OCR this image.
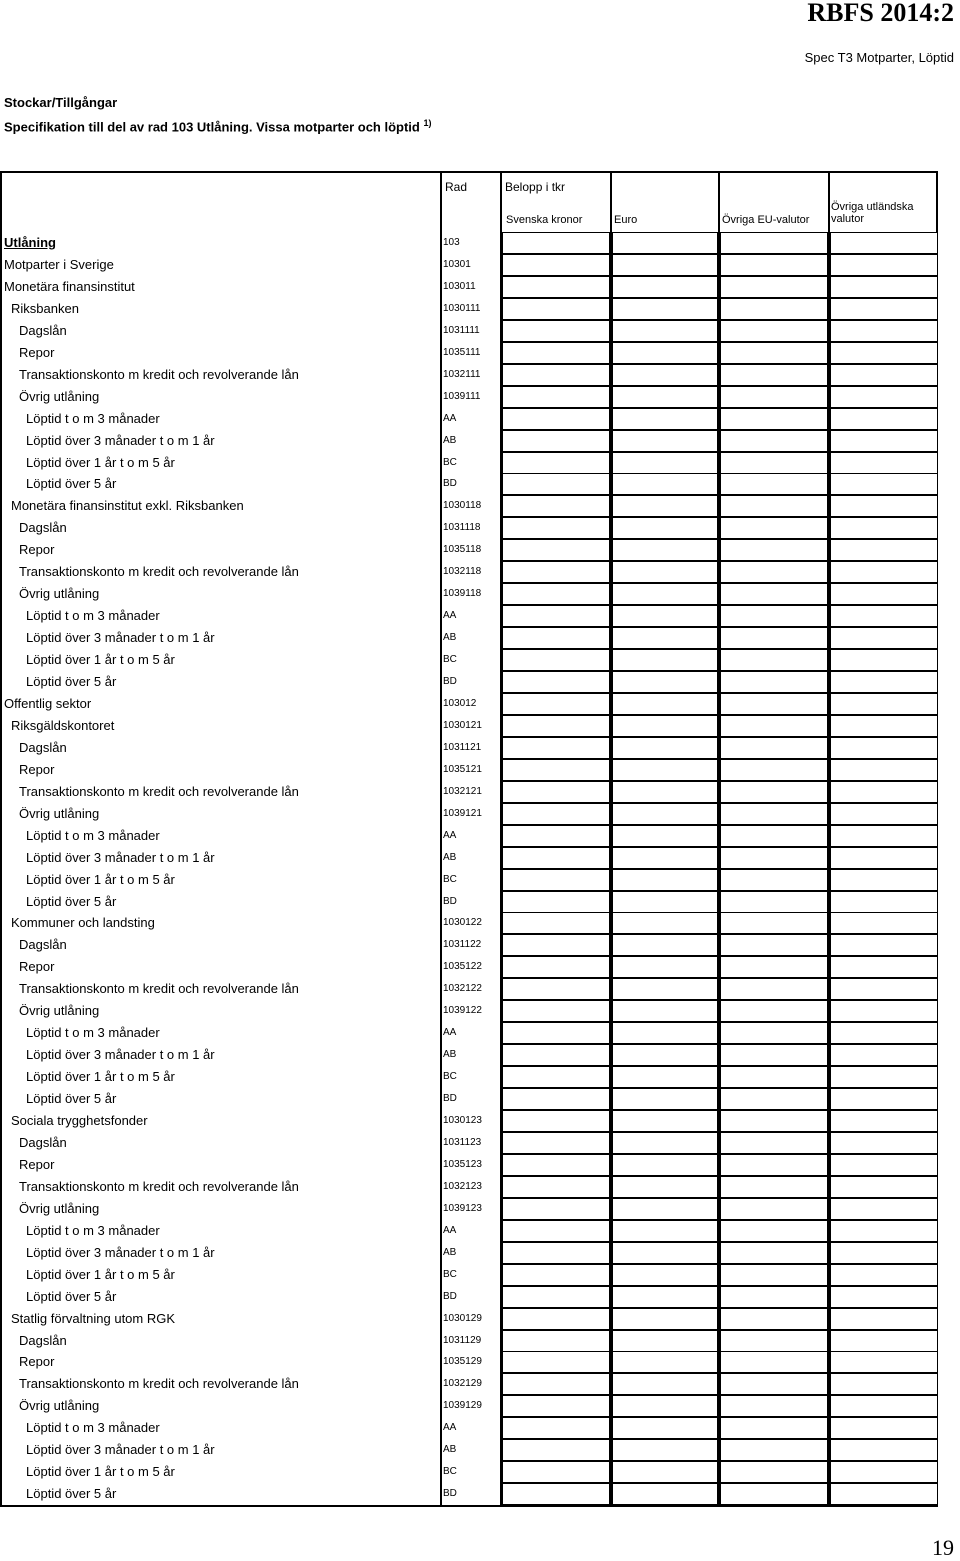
RBFS 2014:2
Spec T3 Motparter, Löptid
Stockar/Tillgångar
Specifikation till del av rad 103 Utlåning. Vissa motparter och löptid $^{1)}$
Rad	Belopp i tkr
Svenska kronor	Euro	Övriga EU-valutor
Övriga utländska valutor
Utlåning	103
Motparter i Sverige	10301
Monetära finansinstitut	103011
Riksbanken	1030111
Dagslån	1031111
Repor	1035111
Transaktionskonto m kredit och revolverande lån	1032111
Övrig utlåning	1039111
Löptid t o m 3 månader	AA
Löptid över 3 månader t o m 1 år	AB
Löptid över 1 år t o m 5 år	BC
Löptid över 5 år	BD
Monetära finansinstitut exkl. Riksbanken	1030118
Dagslån	1031118
Repor	1035118
Transaktionskonto m kredit och revolverande lån	1032118
Övrig utlåning	1039118
Löptid t o m 3 månader	AA
Löptid över 3 månader t o m 1 år	AB
Löptid över 1 år t o m 5 år	BC
Löptid över 5 år	BD
Offentlig sektor	103012
Riksgäldskontoret	1030121
Dagslån	1031121
Repor	1035121
Transaktionskonto m kredit och revolverande lån	1032121
Övrig utlåning	1039121
Löptid t o m 3 månader	AA
Löptid över 3 månader t o m 1 år	AB
Löptid över 1 år t o m 5 år	BC
Löptid över 5 år	BD
Kommuner och landsting	1030122
Dagslån	1031122
Repor	1035122
Transaktionskonto m kredit och revolverande lån	1032122
Övrig utlåning	1039122
Löptid t o m 3 månader	AA
Löptid över 3 månader t o m 1 år	AB
Löptid över 1 år t o m 5 år	BC
Löptid över 5 år	BD
Sociala trygghetsfonder	1030123
Dagslån	1031123
Repor	1035123
Transaktionskonto m kredit och revolverande lån	1032123
Övrig utlåning	1039123
Löptid t o m 3 månader	AA
Löptid över 3 månader t o m 1 år	AB
Löptid över 1 år t o m 5 år	BC
Löptid över 5 år	BD
Statlig förvaltning utom RGK	1030129
Dagslån	1031129
Repor	1035129
Transaktionskonto m kredit och revolverande lån	1032129
Övrig utlåning	1039129
Löptid t o m 3 månader	AA
Löptid över 3 månader t o m 1 år	AB
Löptid över 1 år t o m 5 år	BC
Löptid över 5 år	BD
19
